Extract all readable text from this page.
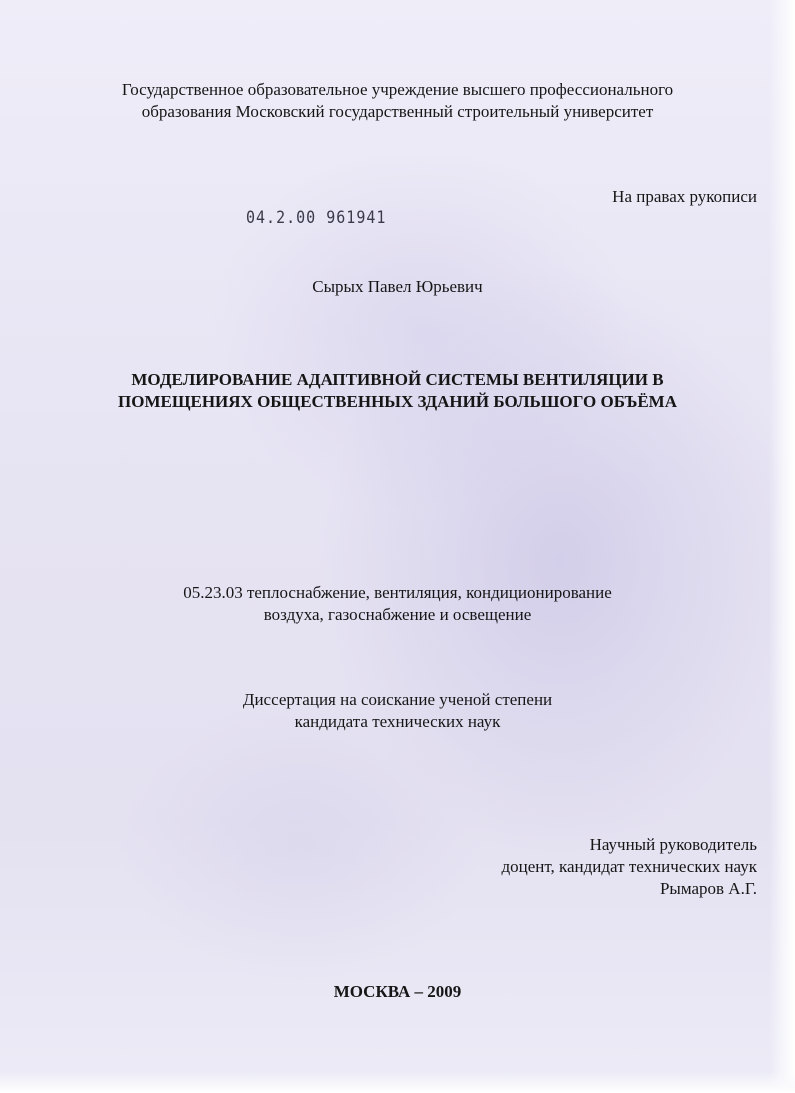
Государственное образовательное учреждение высшего профессионального
образования Московский государственный строительный университет
На правах рукописи
04.2.00 961941
Сырых Павел Юрьевич
МОДЕЛИРОВАНИЕ АДАПТИВНОЙ СИСТЕМЫ ВЕНТИЛЯЦИИ В
ПОМЕЩЕНИЯХ ОБЩЕСТВЕННЫХ ЗДАНИЙ БОЛЬШОГО ОБЪЁМА
05.23.03 теплоснабжение, вентиляция, кондиционирование
воздуха, газоснабжение и освещение
Диссертация на соискание ученой степени
кандидата технических наук
Научный руководитель
доцент, кандидат технических наук
Рымаров А.Г.
МОСКВА – 2009
